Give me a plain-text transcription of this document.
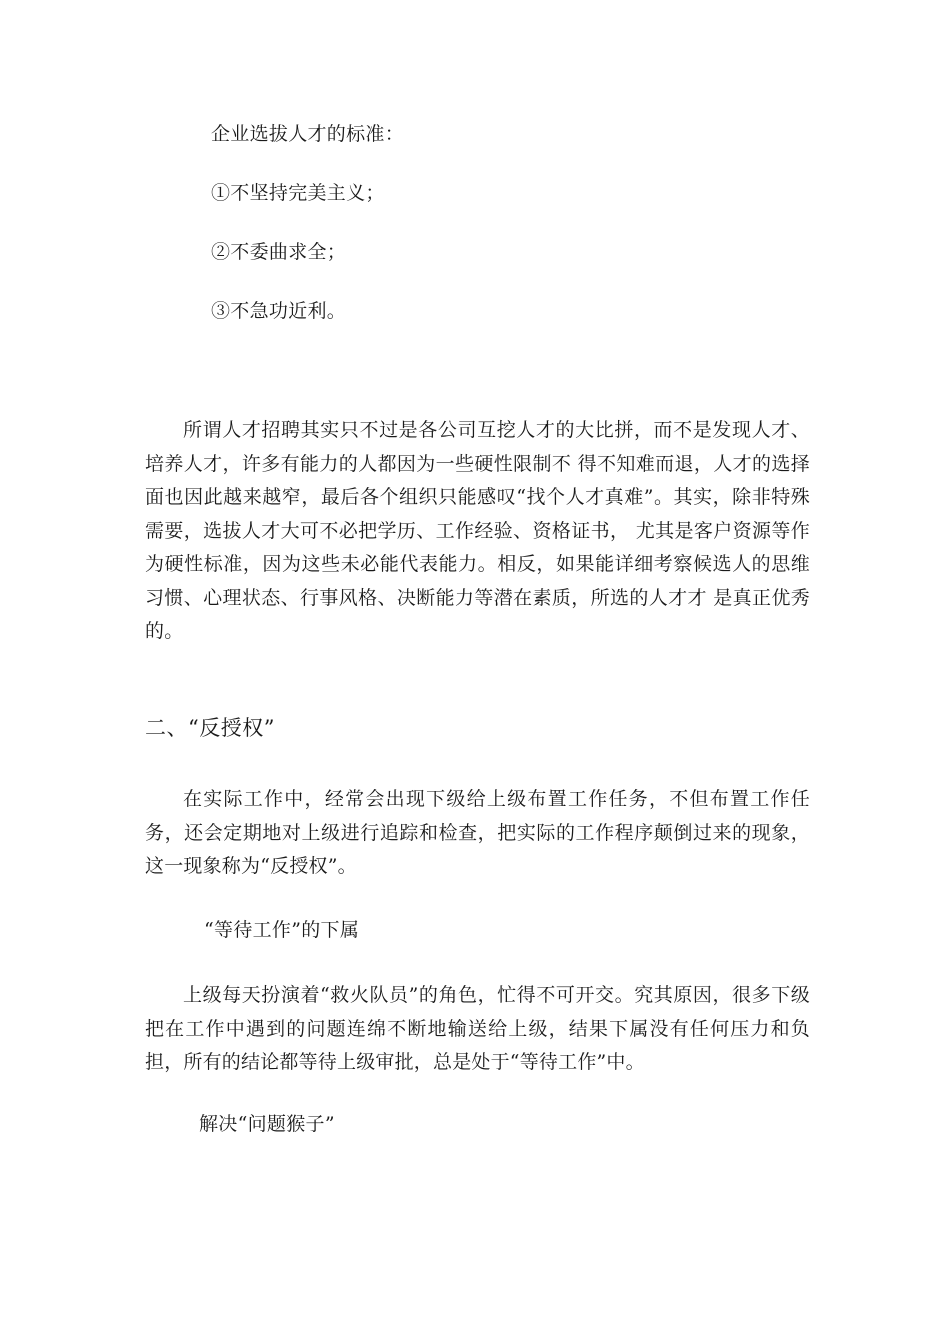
企业选拔人才的标准：
①不坚持完美主义；
②不委曲求全；
③不急功近利。
所谓人才招聘其实只不过是各公司互挖人才的大比拼，而不是发现人才、培养人才，许多有能力的人都因为一些硬性限制不 得不知难而退，人才的选择面也因此越来越窄，最后各个组织只能感叹“找个人才真难”。其实，除非特殊需要，选拔人才大可不必把学历、工作经验、资格证书， 尤其是客户资源等作为硬性标准，因为这些未必能代表能力。相反，如果能详细考察候选人的思维习惯、心理状态、行事风格、决断能力等潜在素质，所选的人才才 是真正优秀的。
二、“反授权”
在实际工作中，经常会出现下级给上级布置工作任务，不但布置工作任务，还会定期地对上级进行追踪和检查，把实际的工作程序颠倒过来的现象，这一现象称为“反授权”。
“等待工作”的下属
上级每天扮演着“救火队员”的角色，忙得不可开交。究其原因，很多下级把在工作中遇到的问题连绵不断地输送给上级，结果下属没有任何压力和负担，所有的结论都等待上级审批，总是处于“等待工作”中。
解决“问题猴子”
